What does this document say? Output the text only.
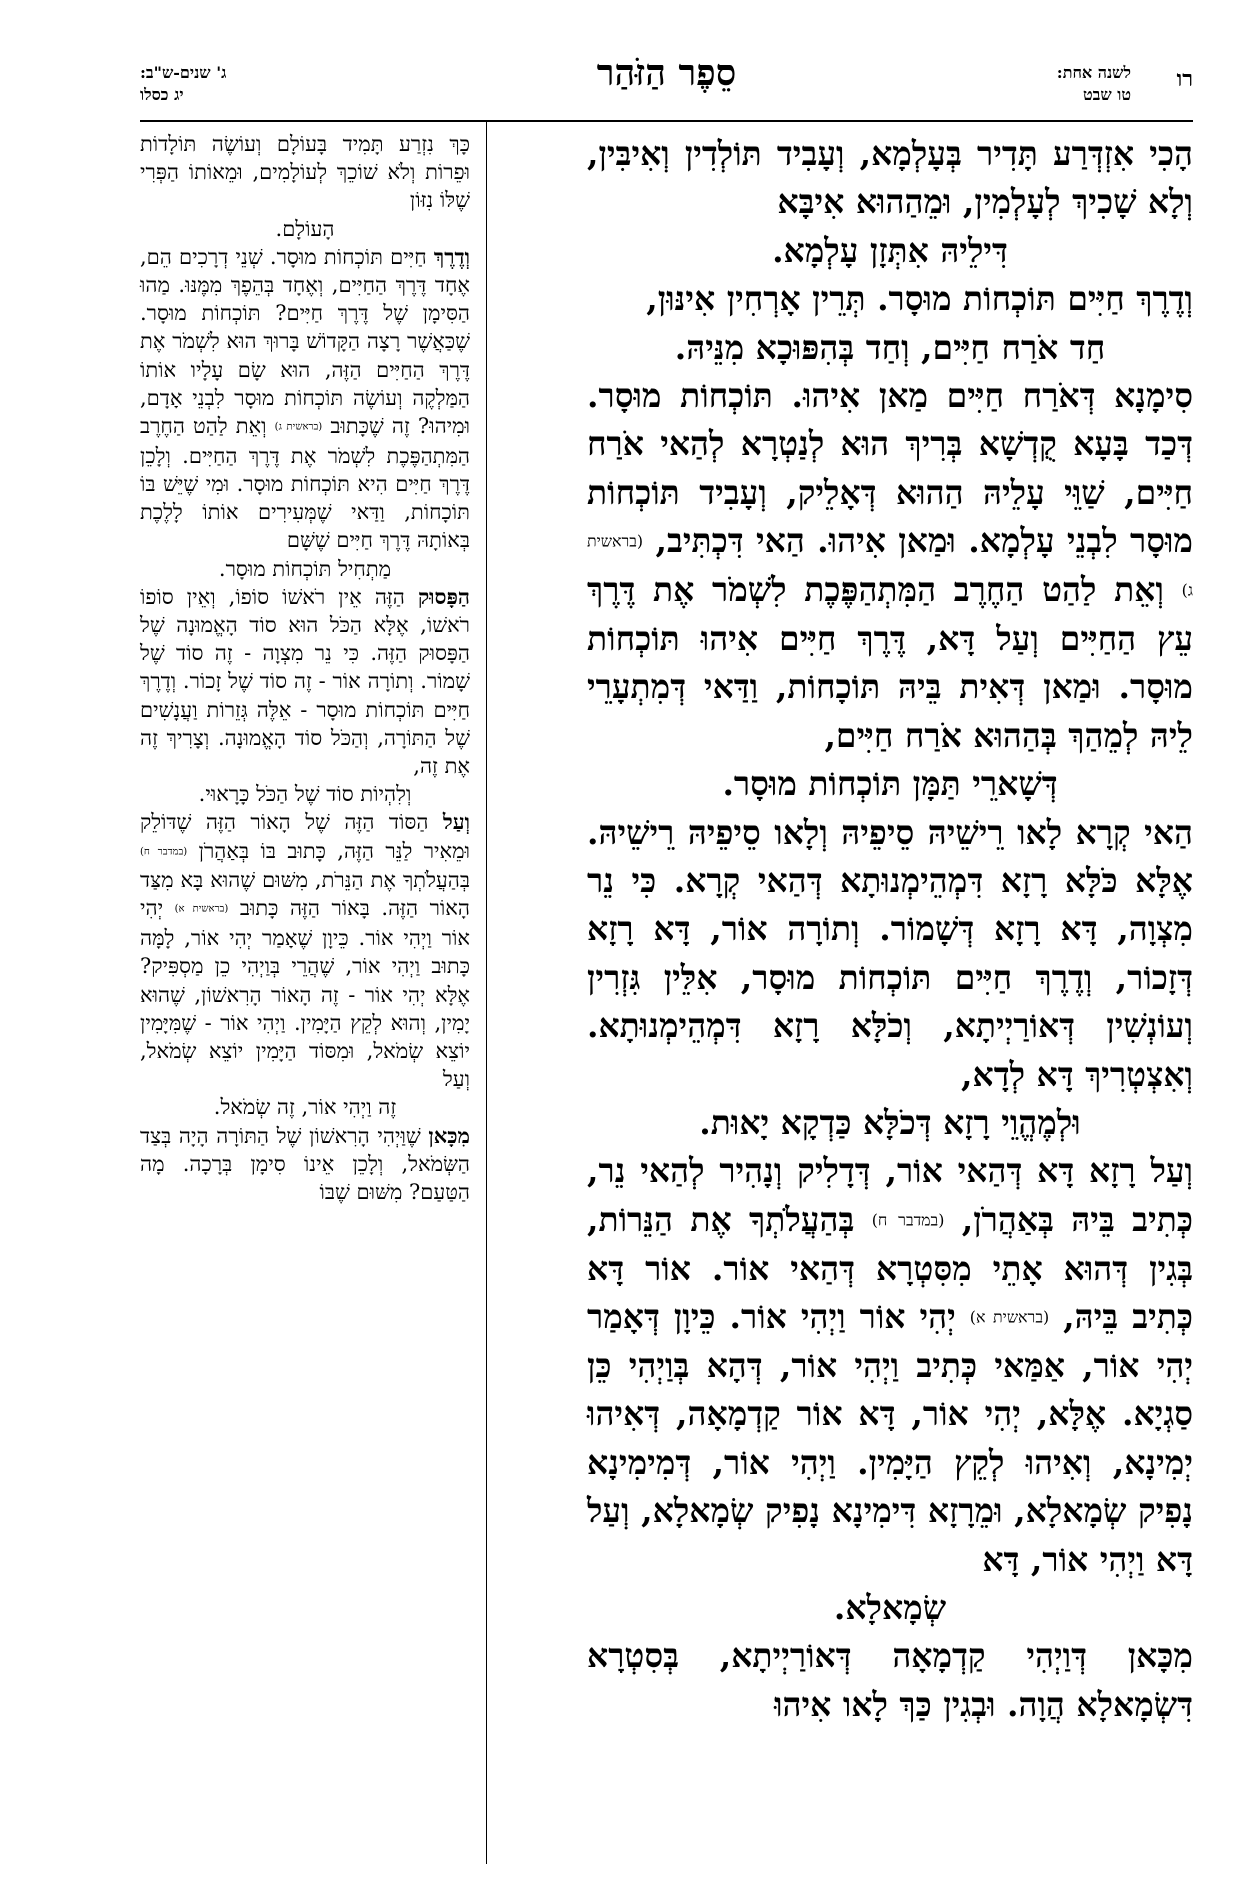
רו
לשנה אחת:
טו שבט
סֵפֶר הַזֹּהַר
ג' שנים-ש"ב:
יג כסלו

הָכִי אִזְדְּרַע תָּדִיר בְּעָלְמָא, וְעָבִיד תּוֹלְדִין וְאִיבִּין, וְלָא שָׁכִיךְ לְעָלְמִין, וּמֵהַהוּא אִיבָּא

דִּילֵיהּ אִתְּזָן עָלְמָא.

וְדֶרֶךְ חַיִּים תּוֹכְחוֹת מוּסָר. תְּרֵין אָרְחִין אִינּוּן,

חַד אֹרַח חַיִּים, וְחַד בְּהִפּוּכָא מִנֵּיהּ.

סִימָנָא דְּאֹרַח חַיִּים מַאן אִיהוּ. תּוֹכְחוֹת מוּסָר. דְּכַד בָּעָא קֻדְשָׁא בְּרִיךְ הוּא לְנַטְרָא לְהַאי אֹרַח חַיִּים, שַׁוֵּי עָלֵיהּ הַהוּא דְּאָלֵיק, וְעָבִיד תּוֹכְחוֹת מוּסָר לִבְנֵי עָלְמָא. וּמַאן אִיהוּ. הַאי דִּכְתִּיב, (בראשית ג) וְאֵת לַהַט הַחֶרֶב הַמִּתְהַפֶּכֶת לִשְׁמֹר אֶת דֶּרֶךְ עֵץ הַחַיִּים וְעַל דָּא, דֶּרֶךְ חַיִּים אִיהוּ תּוֹכְחוֹת מוּסָר. וּמַאן דְּאִית בֵּיהּ תּוֹכָחוֹת, וַדַּאי דְּמִתְעָרֵי לֵיהּ לְמֵהַךְ בְּהַהוּא אֹרַח חַיִּים,

דְּשָׁארֵי תַּמָּן תּוֹכְחוֹת מוּסָר.

הַאי קְרָא לָאו רֵישֵׁיהּ סֵיפֵיהּ וְלָאו סֵיפֵיהּ רֵישֵׁיהּ. אֶלָּא כֹּלָּא רָזָא דִּמְהֵימְנוּתָא דְּהַאי קְרָא. כִּי נֵר מִצְוָה, דָּא רָזָא דְּשָׁמוֹר. וְתוֹרָה אוֹר, דָּא רָזָא דְּזָכוֹר, וְדֶרֶךְ חַיִּים תּוֹכְחוֹת מוּסָר, אִלֵּין גִּזְרִין וְעוֹנְשִׁין דְּאוֹרַיְיתָא, וְכֹלָּא רָזָא דִּמְהֵימְנוּתָא. וְאִצְטְרִיךְ דָּא לְדָא,

וּלְמֶהֱוֵי רָזָא דְּכֹלָּא כַּדְקָא יָאוּת.

וְעַל רָזָא דָּא דְּהַאי אוֹר, דְּדָלִיק וְנָהִיר לְהַאי נֵר, כְּתִיב בֵּיהּ בְּאַהֲרֹן, (במדבר ח) בְּהַעֲלֹתְךָ אֶת הַנֵּרוֹת, בְּגִין דְּהוּא אָתֵי מִסִּטְרָא דְּהַאי אוֹר. אוֹר דָּא כְּתִיב בֵּיהּ, (בראשית א) יְהִי אוֹר וַיְהִי אוֹר. כֵּיוָן דְּאָמַר יְהִי אוֹר, אַמַּאי כְּתִיב וַיְהִי אוֹר, דְּהָא בְּוַיְהִי כֵּן סַגְיָא. אֶלָּא, יְהִי אוֹר, דָּא אוֹר קַדְמָאָה, דְּאִיהוּ יְמִינָא, וְאִיהוּ לְקֵץ הַיָּמִין. וַיְהִי אוֹר, דְּמִימִינָא נָפִיק שְׂמָאלָא, וּמֵרָזָא דִּימִינָא נָפִיק שְׂמָאלָא, וְעַל דָּא וַיְהִי אוֹר, דָּא

שְׂמָאלָא.

מִכָּאן דְּוַיְהִי קַדְמָאָה דְּאוֹרַיְיתָא, בְּסִטְרָא דִּשְׂמָאלָא הֲוָה. וּבְגִין כַּךְ לָאו אִיהוּ

כָּךְ נִזְרַע תָּמִיד בָּעוֹלָם וְעוֹשֶׂה תּוֹלָדוֹת וּפֵרוֹת וְלֹא שׁוֹכֵךְ לְעוֹלָמִים, וּמֵאוֹתוֹ הַפְּרִי שֶׁלּוֹ נִזּוֹן

הָעוֹלָם.

וְדֶרֶךְ חַיִּים תּוֹכְחוֹת מוּסָר. שְׁנֵי דְרָכִים הֵם, אֶחָד דֶּרֶךְ הַחַיִּים, וְאֶחָד בְּהֵפֶךְ מִמֶּנּוּ. מַהוּ הַסִּימָן שֶׁל דֶּרֶךְ חַיִּים? תּוֹכְחוֹת מוּסָר. שֶׁכַּאֲשֶׁר רָצָה הַקָּדוֹשׁ בָּרוּךְ הוּא לִשְׁמֹר אֶת דֶּרֶךְ הַחַיִּים הַזֶּה, הוּא שָׂם עָלָיו אוֹתוֹ הַמַּלְקֶה וְעוֹשֶׂה תּוֹכְחוֹת מוּסָר לִבְנֵי אָדָם, וּמִיהוּ? זֶה שֶׁכָּתוּב (בראשית ג) וְאֵת לַהַט הַחֶרֶב הַמִּתְהַפֶּכֶת לִשְׁמֹר אֶת דֶּרֶךְ הַחַיִּים. וְלָכֵן דֶּרֶךְ חַיִּים הִיא תּוֹכְחוֹת מוּסָר. וּמִי שֶׁיֵּשׁ בּוֹ תּוֹכָחוֹת, וַדַּאי שֶׁמְּעִירִים אוֹתוֹ לָלֶכֶת בְּאוֹתָהּ דֶּרֶךְ חַיִּים שֶׁשָּׁם

מַתְחִיל תּוֹכְחוֹת מוּסָר.

הַפָּסוּק הַזֶּה אֵין רֹאשׁוֹ סוֹפוֹ, וְאֵין סוֹפוֹ רֹאשׁוֹ, אֶלָּא הַכֹּל הוּא סוֹד הָאֱמוּנָה שֶׁל הַפָּסוּק הַזֶּה. כִּי נֵר מִצְוָה - זֶה סוֹד שֶׁל שָׁמוֹר. וְתוֹרָה אוֹר - זֶה סוֹד שֶׁל זָכוֹר. וְדֶרֶךְ חַיִּים תּוֹכְחוֹת מוּסָר - אֵלֶּה גְּזֵרוֹת וַעֲנָשִׁים שֶׁל הַתּוֹרָה, וְהַכֹּל סוֹד הָאֱמוּנָה. וְצָרִיךְ זֶה אֶת זֶה,

וְלִהְיוֹת סוֹד שֶׁל הַכֹּל כָּרָאוּי.

וְעַל הַסּוֹד הַזֶּה שֶׁל הָאוֹר הַזֶּה שֶׁדּוֹלֵק וּמֵאִיר לַנֵּר הַזֶּה, כָּתוּב בּוֹ בְּאַהֲרֹן (במדבר ח) בְּהַעֲלֹתְךָ אֶת הַנֵּרֹת, מִשּׁוּם שֶׁהוּא בָּא מִצַּד הָאוֹר הַזֶּה. בָּאוֹר הַזֶּה כָּתוּב (בראשית א) יְהִי אוֹר וַיְהִי אוֹר. כֵּיוָן שֶׁאָמַר יְהִי אוֹר, לָמָּה כָּתוּב וַיְהִי אוֹר, שֶׁהֲרֵי בְּוַיְהִי כֵן מַסְפִּיק? אֶלָּא יְהִי אוֹר - זֶה הָאוֹר הָרִאשׁוֹן, שֶׁהוּא יָמִין, וְהוּא לְקֵץ הַיָּמִין. וַיְהִי אוֹר - שֶׁמִּיָּמִין יוֹצֵא שְׂמֹאל, וּמִסּוֹד הַיָּמִין יוֹצֵא שְׂמֹאל, וְעַל

זֶה וַיְהִי אוֹר, זֶה שְׂמֹאל.

מִכָּאן שֶׁוַּיְהִי הָרִאשׁוֹן שֶׁל הַתּוֹרָה הָיָה בְּצַד הַשְּׂמֹאל, וְלָכֵן אֵינוֹ סִימָן בְּרָכָה. מָה הַטַּעַם? מִשּׁוּם שֶׁבּוֹ
